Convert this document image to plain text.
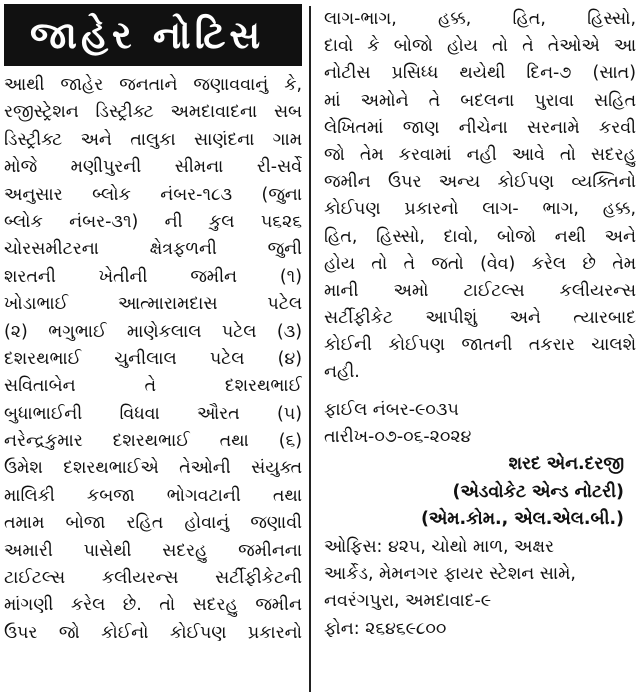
જાહેર નોટિસ
આથી જાહેર જનતાને જણાવવાનું કે,
રજીસ્ટ્રેશન ડિસ્ટ્રીક્ટ અમદાવાદના સબ
ડિસ્ટ્રીક્ટ અને તાલુકા સાણંદના ગામ
મોજે મણીપુરની સીમના રી-સર્વે
અનુસાર બ્લોક નંબર-૧૮૩ (જુના
બ્લોક નંબર-૩૧) ની કુલ ૫૬૨૬
ચોરસમીટરના ક્ષેત્રફળની જુની
શરતની ખેતીની જમીન (૧)
ખોડાભાઈ આત્મારામદાસ પટેલ
(૨) ભગુભાઈ માણેકલાલ પટેલ (૩)
દશરથભાઈ ચુનીલાલ પટેલ (૪)
સવિતાબેન તે દશરથભાઈ
બુધાભાઈની વિધવા ઔરત (૫)
નરેન્દ્રકુમાર દશરથભાઈ તથા (૬)
ઉમેશ દશરથભાઈએ તેઓની સંયુક્ત
માલિકી કબજા ભોગવટાની તથા
તમામ બોજા રહિત હોવાનું જણાવી
અમારી પાસેથી સદરહુ જમીનના
ટાઈટલ્સ કલીયરન્સ સર્ટીફીકેટની
માંગણી કરેલ છે. તો સદરહુ જમીન
ઉપર જો કોઈનો કોઈપણ પ્રકારનો
લાગ-ભાગ, હક્ક, હિત, હિસ્સો,
દાવો કે બોજો હોય તો તે તેઓએ આ
નોટીસ પ્રસિધ્ધ થયેથી દિન-૭ (સાત)
માં અમોને તે બદલના પુરાવા સહિત
લેખિતમાં જાણ નીચેના સરનામે કરવી
જો તેમ કરવામાં નહી આવે તો સદરહુ
જમીન ઉપર અન્ય કોઈપણ વ્યક્તિનો
કોઈપણ પ્રકારનો લાગ- ભાગ, હક્ક,
હિત, હિસ્સો, દાવો, બોજો નથી અને
હોય તો તે જતો (વેવ) કરેલ છે તેમ
માની અમો ટાઈટલ્સ કલીયરન્સ
સર્ટીફીકેટ આપીશું અને ત્યારબાદ
કોઈની કોઈપણ જાતની તકરાર ચાલશે
નહી.
ફાઈલ નંબર-૯૦૩૫
તારીખ-૦૭-૦૬-૨૦૨૪
શરદ એન.દરજી
(એડવોકેટ એન્ડ નોટરી)
(એમ.કોમ., એલ.એલ.બી.)
ઓફિસ: ૪૨૫, ચોથો માળ, અક્ષર
આર્કેડ, મેમનગર ફાયર સ્ટેશન સામે,
નવરંગપુરા, અમદાવાદ-૯
ફોન: ૨૬૪૬૯૮૦૦
